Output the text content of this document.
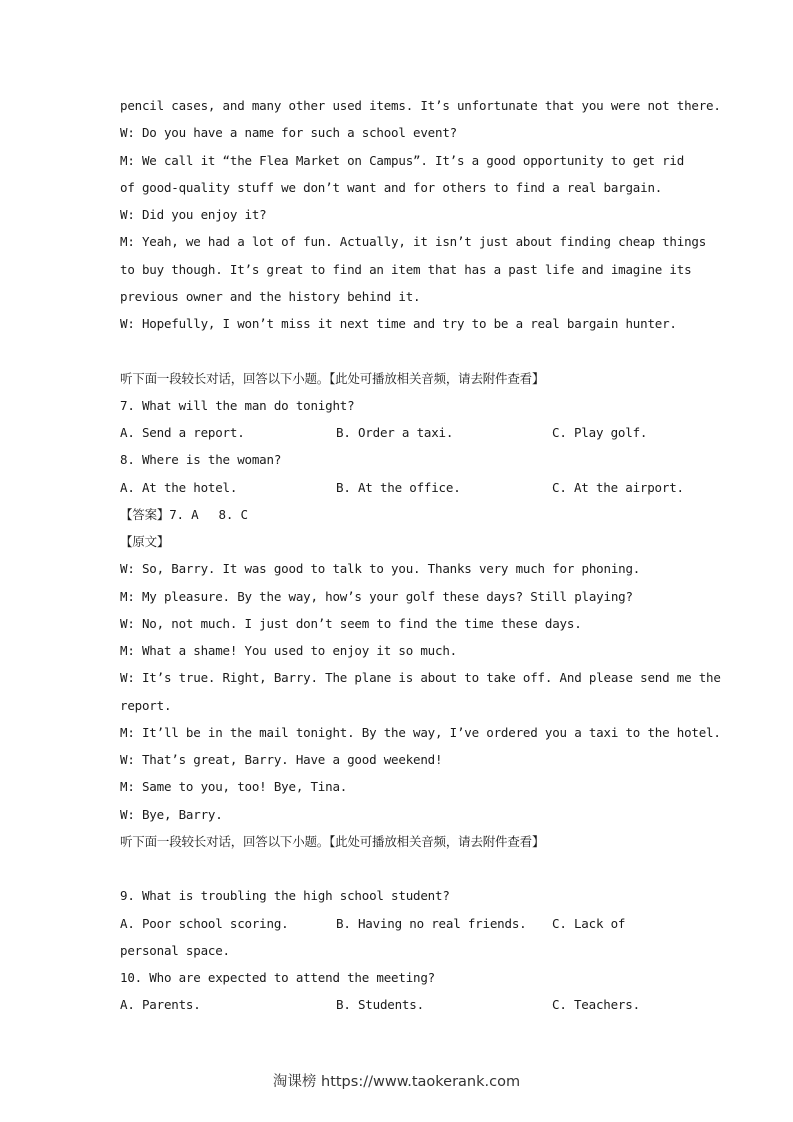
pencil cases, and many other used items. It’s unfortunate that you were not there.
W: Do you have a name for such a school event?
M: We call it “the Flea Market on Campus”. It’s a good opportunity to get rid
of good-quality stuff we don’t want and for others to find a real bargain.
W: Did you enjoy it?
M: Yeah, we had a lot of fun. Actually, it isn’t just about finding cheap things
to buy though. It’s great to find an item that has a past life and imagine its
previous owner and the history behind it.
W: Hopefully, I won’t miss it next time and try to be a real bargain hunter.
听下面一段较长对话，回答以下小题。【此处可播放相关音频，请去附件查看】
7. What will the man do tonight?
A. Send a report.	B. Order a taxi.	C. Play golf.
8. Where is the woman?
A. At the hotel.	B. At the office.	C. At the airport.
【答案】7. A 8. C
【原文】
W: So, Barry. It was good to talk to you. Thanks very much for phoning.
M: My pleasure. By the way, how’s your golf these days? Still playing?
W: No, not much. I just don’t seem to find the time these days.
M: What a shame! You used to enjoy it so much.
W: It’s true. Right, Barry. The plane is about to take off. And please send me the
report.
M: It’ll be in the mail tonight. By the way, I’ve ordered you a taxi to the hotel.
W: That’s great, Barry. Have a good weekend!
M: Same to you, too! Bye, Tina.
W: Bye, Barry.
听下面一段较长对话，回答以下小题。【此处可播放相关音频，请去附件查看】
9. What is troubling the high school student?
A. Poor school scoring.	B. Having no real friends.	C. Lack of
personal space.
10. Who are expected to attend the meeting?
A. Parents.	B. Students.	C. Teachers.
淘课榜 https://www.taokerank.com
